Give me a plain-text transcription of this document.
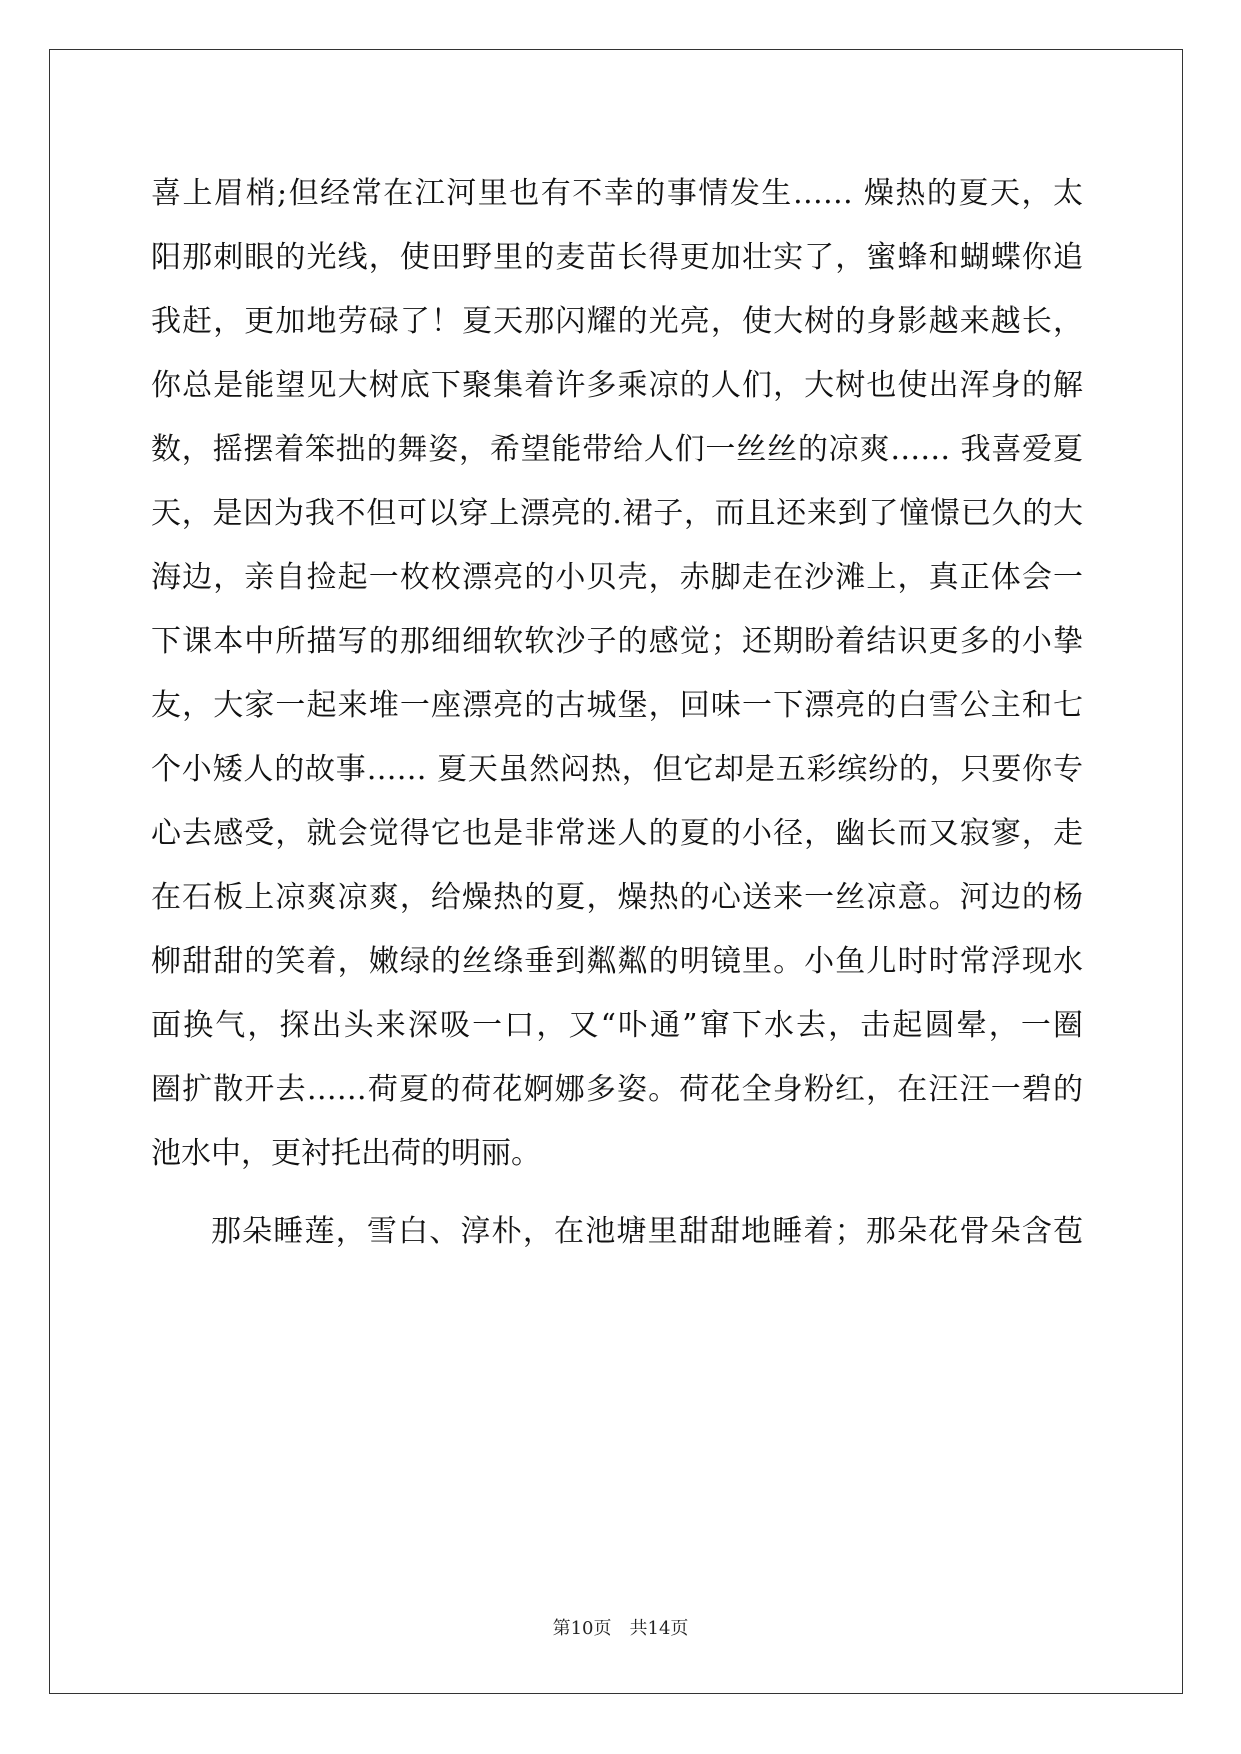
喜上眉梢;但经常在江河里也有不幸的事情发生…… 燥热的夏天，太
阳那刺眼的光线，使田野里的麦苗长得更加壮实了，蜜蜂和蝴蝶你追
我赶，更加地劳碌了！夏天那闪耀的光亮，使大树的身影越来越长，
你总是能望见大树底下聚集着许多乘凉的人们，大树也使出浑身的解
数，摇摆着笨拙的舞姿，希望能带给人们一丝丝的凉爽…… 我喜爱夏
天，是因为我不但可以穿上漂亮的.裙子，而且还来到了憧憬已久的大
海边，亲自捡起一枚枚漂亮的小贝壳，赤脚走在沙滩上，真正体会一
下课本中所描写的那细细软软沙子的感觉；还期盼着结识更多的小挚
友，大家一起来堆一座漂亮的古城堡，回味一下漂亮的白雪公主和七
个小矮人的故事…… 夏天虽然闷热，但它却是五彩缤纷的，只要你专
心去感受，就会觉得它也是非常迷人的夏的小径，幽长而又寂寥，走
在石板上凉爽凉爽，给燥热的夏，燥热的心送来一丝凉意。河边的杨
柳甜甜的笑着，嫩绿的丝绦垂到粼粼的明镜里。小鱼儿时时常浮现水
面换气，探出头来深吸一口，又“卟通”窜下水去，击起圆晕，一圈
圈扩散开去……荷夏的荷花婀娜多姿。荷花全身粉红，在汪汪一碧的
池水中，更衬托出荷的明丽。
那朵睡莲，雪白、淳朴，在池塘里甜甜地睡着；那朵花骨朵含苞
第10页　共14页
